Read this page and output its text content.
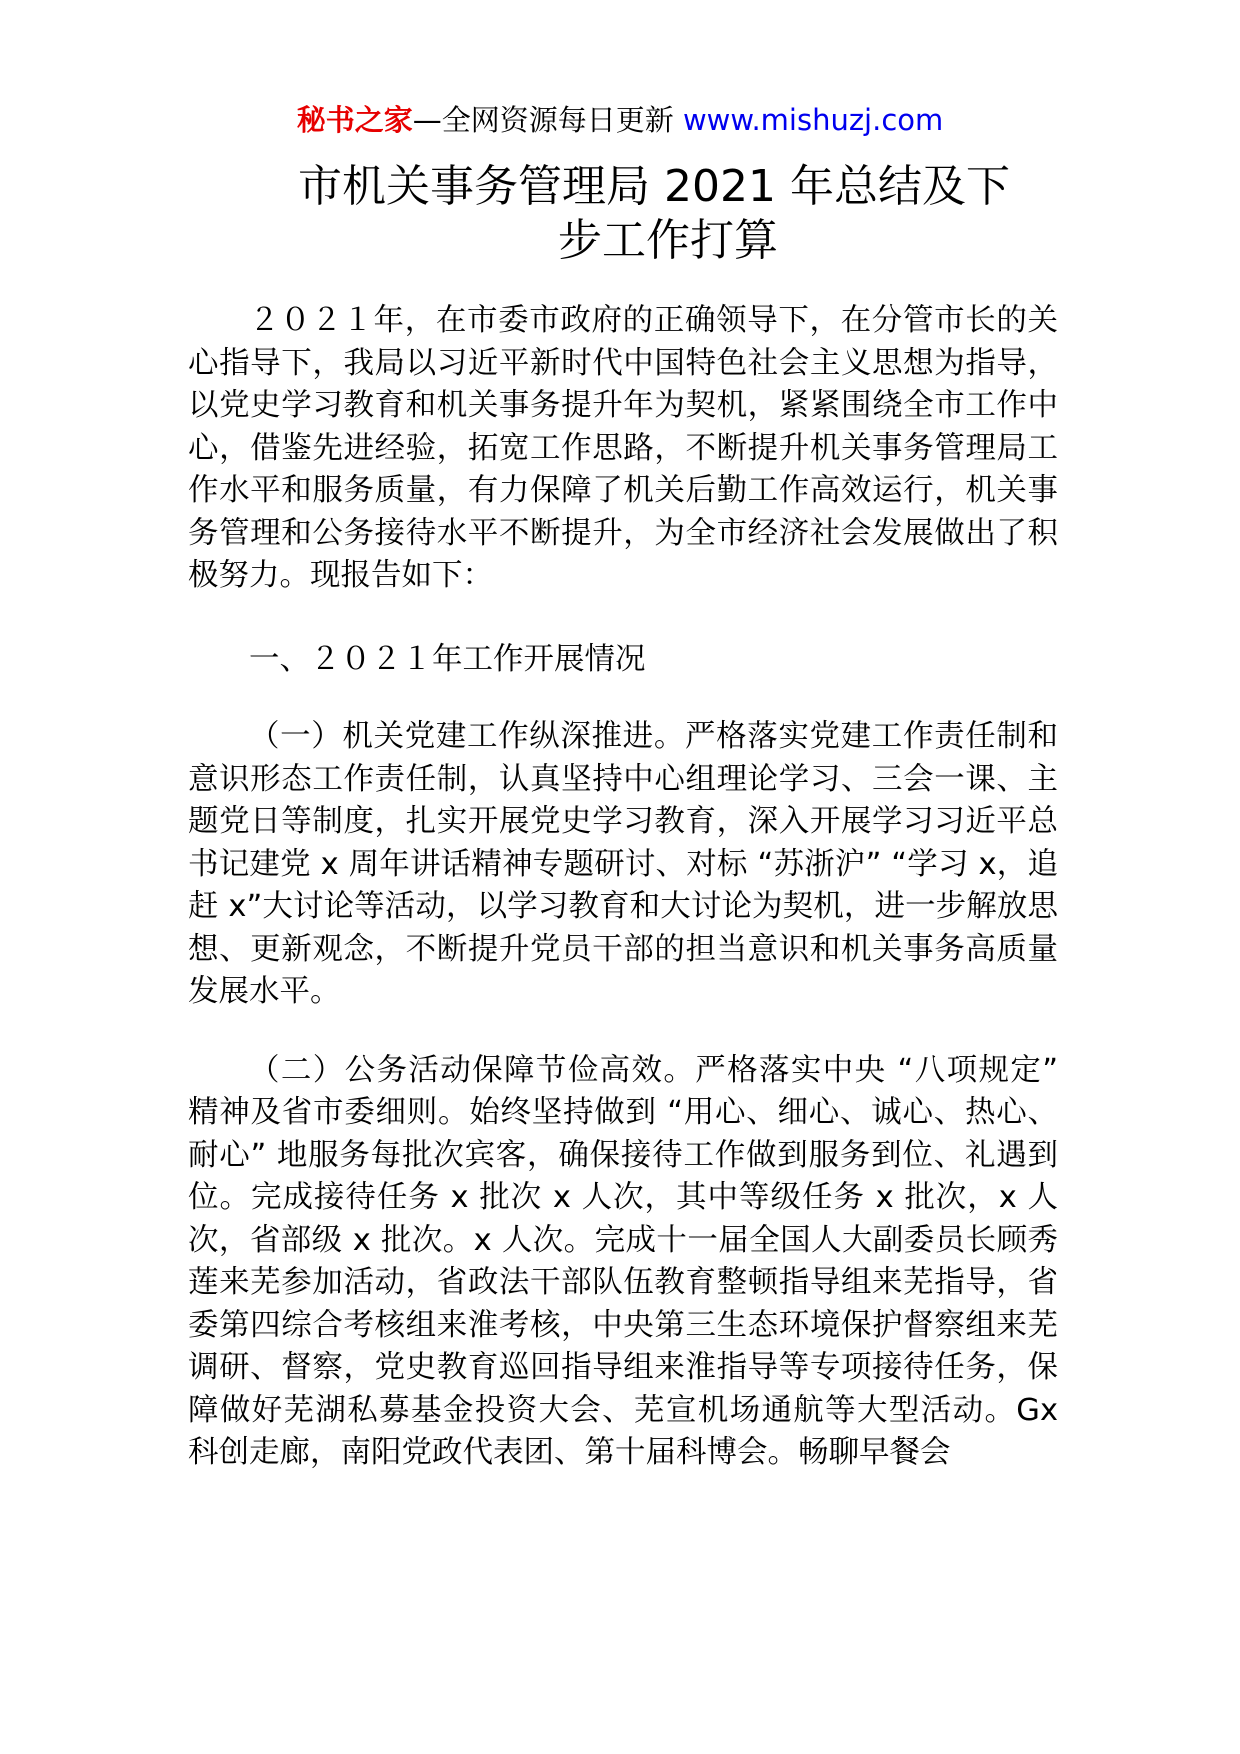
秘书之家—全网资源每日更新 www.mishuzj.com
市机关事务管理局 2021 年总结及下
步工作打算

２０２１年，在市委市政府的正确领导下，在分管市长的关心指导下，我局以习近平新时代中国特色社会主义思想为指导，以党史学习教育和机关事务提升年为契机，紧紧围绕全市工作中心，借鉴先进经验，拓宽工作思路，不断提升机关事务管理局工作水平和服务质量，有力保障了机关后勤工作高效运行，机关事务管理和公务接待水平不断提升，为全市经济社会发展做出了积极努力。现报告如下：

一、２０２１年工作开展情况

（一）机关党建工作纵深推进。严格落实党建工作责任制和意识形态工作责任制，认真坚持中心组理论学习、三会一课、主题党日等制度，扎实开展党史学习教育，深入开展学习习近平总书记建党 x 周年讲话精神专题研讨、对标 “苏浙沪” “学习 x，追赶 x”大讨论等活动，以学习教育和大讨论为契机，进一步解放思想、更新观念，不断提升党员干部的担当意识和机关事务高质量发展水平。

（二）公务活动保障节俭高效。严格落实中央 “八项规定” 精神及省市委细则。始终坚持做到 “用心、细心、诚心、热心、耐心” 地服务每批次宾客，确保接待工作做到服务到位、礼遇到位。完成接待任务 x 批次 x 人次，其中等级任务 x 批次，x 人次，省部级 x 批次。x 人次。完成十一届全国人大副委员长顾秀莲来芜参加活动，省政法干部队伍教育整顿指导组来芜指导，省委第四综合考核组来淮考核，中央第三生态环境保护督察组来芜调研、督察，党史教育巡回指导组来淮指导等专项接待任务，保障做好芜湖私募基金投资大会、芜宣机场通航等大型活动。Gx 科创走廊，南阳党政代表团、第十届科博会。畅聊早餐会
